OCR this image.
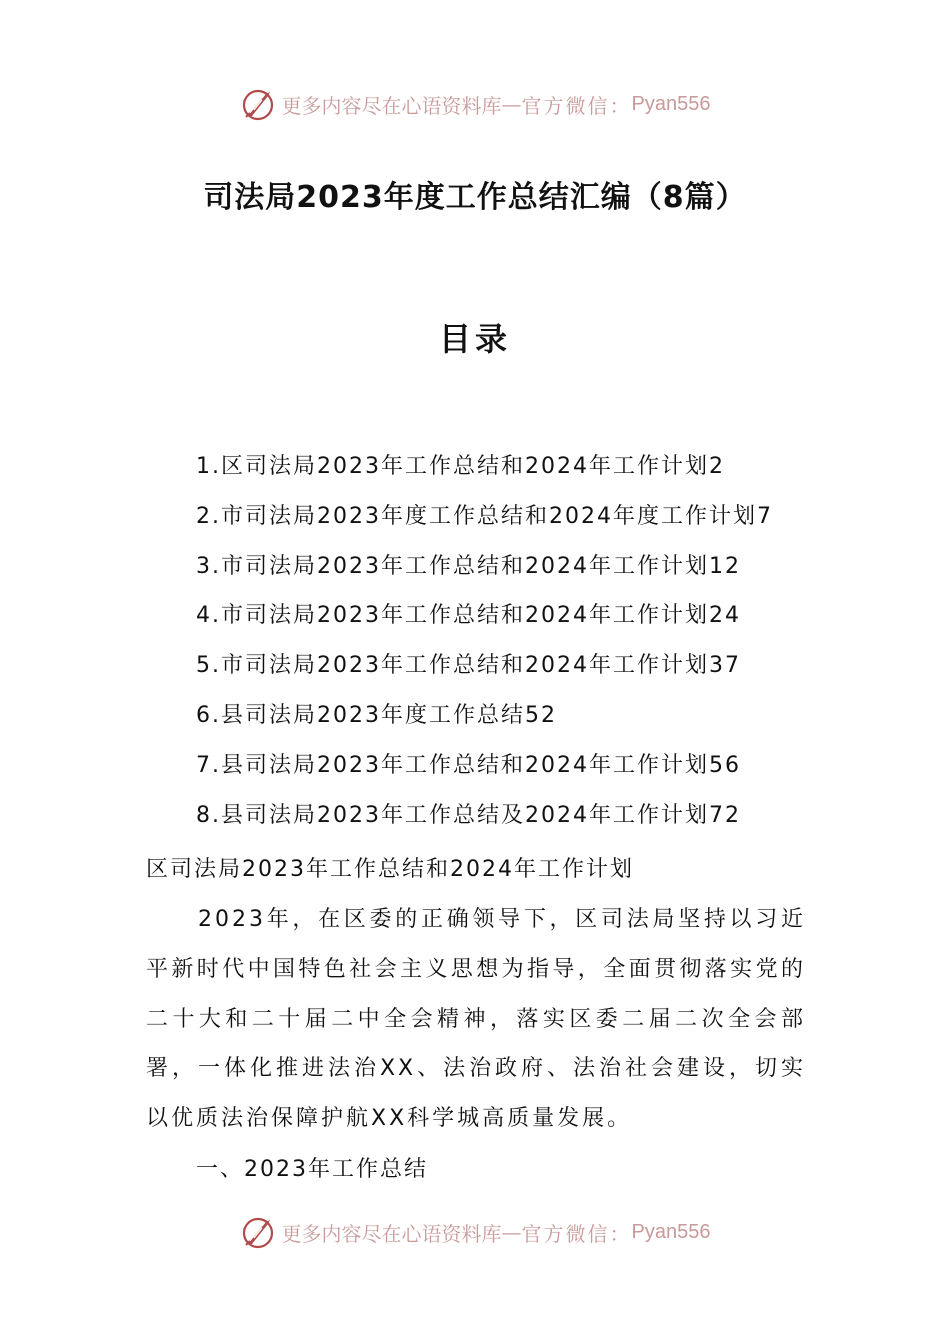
更多内容尽在心语资料库 — 官方微信： Pyan556
司法局2023年度工作总结汇编（8篇）
目录
1.区司法局2023年工作总结和2024年工作计划2
2.市司法局2023年度工作总结和2024年度工作计划7
3.市司法局2023年工作总结和2024年工作计划12
4.市司法局2023年工作总结和2024年工作计划24
5.市司法局2023年工作总结和2024年工作计划37
6.县司法局2023年度工作总结52
7.县司法局2023年工作总结和2024年工作计划56
8.县司法局2023年工作总结及2024年工作计划72
区司法局2023年工作总结和2024年工作计划

2023年，在区委的正确领导下，区司法局坚持以习近平新时代中国特色社会主义思想为指导，全面贯彻落实党的二十大和二十届二中全会精神，落实区委二届二次全会部署，一体化推进法治XX、法治政府、法治社会建设，切实以优质法治保障护航XX科学城高质量发展。

一、2023年工作总结
更多内容尽在心语资料库 — 官方微信： Pyan556
